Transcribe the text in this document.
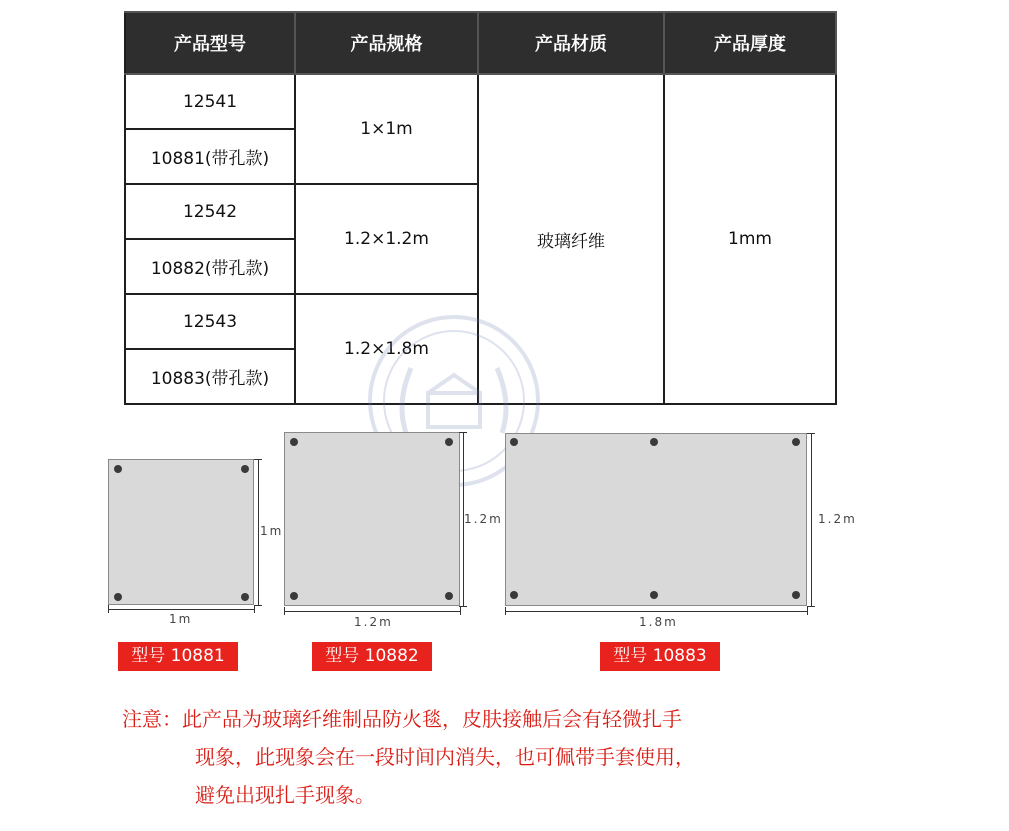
产品型号	产品规格	产品材质	产品厚度
12541	1×1m	玻璃纤维	1mm
10881(带孔款)			
12542	1.2×1.2m		
10882(带孔款)			
12543	1.2×1.8m		
10883(带孔款)			
1m
1m
型号 10881
1.2m
1.2m
型号 10882
1.2m
1.8m
型号 10883
注意：此产品为玻璃纤维制品防火毯，皮肤接触后会有轻微扎手
现象，此现象会在一段时间内消失，也可佩带手套使用，
避免出现扎手现象。
